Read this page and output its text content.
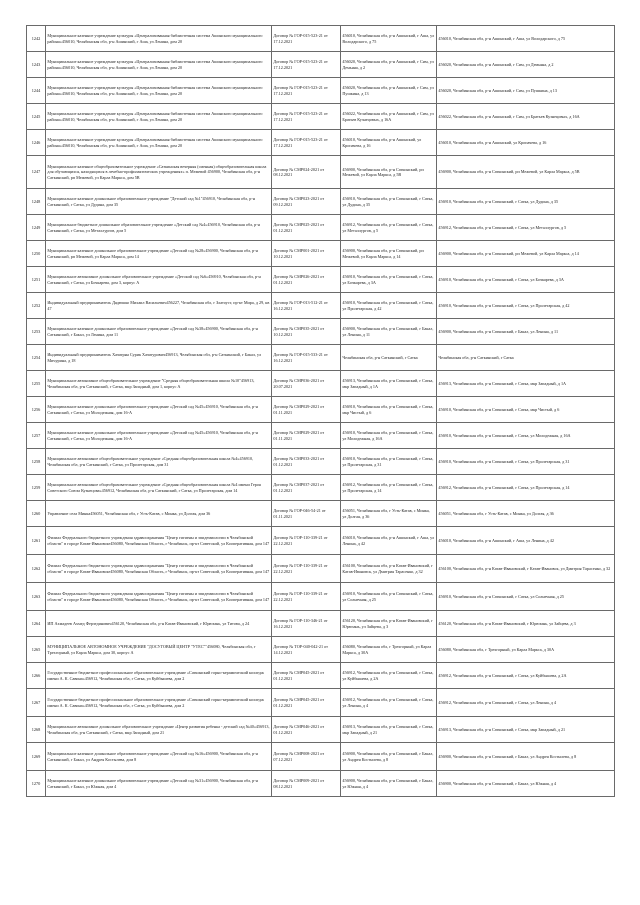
1242	Муниципальное казенное учреждение культуры «Централизованная библиотечная система Ашинского муниципального района»456010, Челябинская обл, р-н Ашинский, г Аша, ул Ленина, дом 20	Договор № ГОР-015-523-21 от 17.12.2021	456010, Челябинская обл, р-н Ашинский, г Аша, ул Володарского, д 75	456010, Челябинская обл, р-н Ашинский, г Аша, ул Володарского, д 75
1243	Муниципальное казенное учреждение культуры «Централизованная библиотечная система Ашинского муниципального района»456010, Челябинская обл, р-н Ашинский, г Аша, ул Ленина, дом 20	Договор № ГОР-015-523-21 от 17.12.2021	456020, Челябинская обл, р-н Ашинский, г Сим, ул Демьяна, д 2	456020, Челябинская обл, р-н Ашинский, г Сим, ул Демьяна, д 2
1244	Муниципальное казенное учреждение культуры «Централизованная библиотечная система Ашинского муниципального района»456010, Челябинская обл, р-н Ашинский, г Аша, ул Ленина, дом 20	Договор № ГОР-015-523-21 от 17.12.2021	456020, Челябинская обл, р-н Ашинский, г Сим, ул Пушкина, д 13	456020, Челябинская обл, р-н Ашинский, г Сим, ул Пушкина, д 13
1245	Муниципальное казенное учреждение культуры «Централизованная библиотечная система Ашинского муниципального района»456010, Челябинская обл, р-н Ашинский, г Аша, ул Ленина, дом 20	Договор № ГОР-015-523-21 от 17.12.2021	456022, Челябинская обл, р-н Ашинский, г Сим, ул Братьев Кузнецовых, д 16А	456022, Челябинская обл, р-н Ашинский, г Сим, ул Братьев Кузнецовых, д 16А
1246	Муниципальное казенное учреждение культуры «Централизованная библиотечная система Ашинского муниципального района»456010, Челябинская обл, р-н Ашинский, г Аша, ул Ленина, дом 20	Договор № ГОР-015-523-21 от 17.12.2021	456010, Челябинская обл, р-н Ашинский, ул Кропачева, д 16	456010, Челябинская обл, р-н Ашинский, ул Кропачева, д 16
1247	Муниципальное казенное общеобразовательное учреждение «Саткинская вечерняя (сменная) общеобразовательная школа для обучающихся, находящихся в лечебно-профилактических учреждениях» п. Межевой 456900, Челябинская обл, р-н Саткинский, рп Межевой, ул Карла Маркса, дом 5В	Договор № СМР024-2021 от 08.12.2021	456900, Челябинская обл, р-н Саткинский, рп Межевой, ул Карла Маркса, д 5В	456900, Челябинская обл, р-н Саткинский, рп Межевой, ул Карла Маркса, д 5В
1248	Муниципальное казенное дошкольное образовательное учреждение "Детский сад №1"456910, Челябинская обл, р-н Саткинский, г Сатка, ул Дудина, дом 35	Договор № СМР023-2021 от 09.12.2021	456910, Челябинская обл, р-н Саткинский, г Сатка, ул Дудина, д 35	456910, Челябинская обл, р-н Саткинский, г Сатка, ул Дудина, д 35
1249	Муниципальное бюджетное дошкольное образовательное учреждение «Детский сад №4»456910, Челябинская обл, р-н Саткинский, г Сатка, ул Металлургов, дом 5	Договор № СМР025-2021 от 01.12.2021	456912, Челябинская обл, р-н Саткинский, г Сатка, ул Металлургов, д 5	456912, Челябинская обл, р-н Саткинский, г Сатка, ул Металлургов, д 5
1250	Муниципальное казенное дошкольное образовательное учреждение «Детский сад №28»456900, Челябинская обл, р-н Саткинский, рп Межевой, ул Карла Маркса, дом 14	Договор № СМР001-2021 от 10.12.2021	456900, Челябинская обл, р-н Саткинский, рп Межевой, ул Карла Маркса, д 14	456900, Челябинская обл, р-н Саткинский, рп Межевой, ул Карла Маркса, д 14
1251	Муниципальное автономное дошкольное образовательное учреждение «Детский сад №6»456910, Челябинская обл, р-н Саткинский, г Сатка, ул Бочкарева, дом 3, корпус А	Договор № СМР026-2021 от 01.12.2021	456910, Челябинская обл, р-н Саткинский, г Сатка, ул Бочкарева, д 3А	456910, Челябинская обл, р-н Саткинский, г Сатка, ул Бочкарева, д 3А
1252	Индивидуальный предприниматель Дядюшко Михаил Васильевич456227, Челябинская обл, г Златоуст, пр-кт Мира, д 29, кв 47	Договор № ГОР-013-512-21 от 16.12.2021	456910, Челябинская обл, р-н Саткинский, г Сатка, ул Пролетарская, д 42	456910, Челябинская обл, р-н Саткинский, г Сатка, ул Пролетарская, д 42
1253	Муниципальное казенное дошкольное образовательное учреждение «Детский сад №38»456900, Челябинская обл, р-н Саткинский, г Бакал, ул Ленина, дом 11	Договор № СМР035-2021 от 10.12.2021	456900, Челябинская обл, р-н Саткинский, г Бакал, ул Ленина, д 11	456900, Челябинская обл, р-н Саткинский, г Бакал, ул Ленина, д 11
1254	Индивидуальный предприниматель Хачатрян Сурик Хачатурович456913, Челябинская обл, р-н Саткинский, г Бакал, ул Мичурина, д 18	Договор № ГОР-015-533-21 от 16.12.2021	Челябинская обл, р-н Саткинский, г Сатка	Челябинская обл, р-н Саткинский, г Сатка
1255	Муниципальное автономное общеобразовательное учреждение "Средняя общеобразовательная школа №10"456913, Челябинская обл, р-н Саткинский, г Сатка, мкр Западный, дом 1, корпус А	Договор № СМР036-2021 от 20.07.2021	456913, Челябинская обл, р-н Саткинский, г Сатка, мкр Западный, д 1А	456913, Челябинская обл, р-н Саткинский, г Сатка, мкр Западный, д 1А
1256	Муниципальное казенное дошкольное образовательное учреждение «Детский сад №45»456910, Челябинская обл, р-н Саткинский, г Сатка, ул Молодежная, дом 16-А	Договор № СМР029-2021 от 01.11.2021	456910, Челябинская обл, р-н Саткинский, г Сатка, мкр Чистый, д 6	456910, Челябинская обл, р-н Саткинский, г Сатка, мкр Чистый, д 6
1257	Муниципальное казенное дошкольное образовательное учреждение «Детский сад №45»456910, Челябинская обл, р-н Саткинский, г Сатка, ул Молодежная, дом 16-А	Договор № СМР029-2021 от 01.11.2021	456910, Челябинская обл, р-н Саткинский, г Сатка, ул Молодежная, д 16А	456910, Челябинская обл, р-н Саткинский, г Сатка, ул Молодежная, д 16А
1258	Муниципальное автономное общеобразовательное учреждение «Средняя общеобразовательная школа №4»456910, Челябинская обл, р-н Саткинский, г Сатка, ул Пролетарская, дом 31	Договор № СМР033-2021 от 01.12.2021	456910, Челябинская обл, р-н Саткинский, г Сатка, ул Пролетарская, д 31	456910, Челябинская обл, р-н Саткинский, г Сатка, ул Пролетарская, д 31
1259	Муниципальное автономное общеобразовательное учреждение «Средняя общеобразовательная школа №4 имени Героя Советского Союза Кузнецова»456912, Челябинская обл, р-н Саткинский, г Сатка, ул Пролетарская, дом 14	Договор № СМР037-2021 от 01.12.2021	456912, Челябинская обл, р-н Саткинский, г Сатка, ул Пролетарская, д 14	456912, Челябинская обл, р-н Саткинский, г Сатка, ул Пролетарская, д 14
1260	Управление села Минка456051, Челябинская обл, г Усть-Катав, с Минка, ул Долгая, дом 36	Договор № ГОР-046-54-21 от 01.11.2021	456051, Челябинская обл, г Усть-Катав, с Минка, ул Долгая, д 36	456051, Челябинская обл, г Усть-Катав, с Минка, ул Долгая, д 36
1261	Филиал Федерального бюджетного учреждения здравоохранения "Центр гигиены и эпидемиологии в Челябинской области" в городе Катав-Ивановске456080, Челябинская Область, г Челябинск, пр-кт Советский, ул Кооперативная, дом 147	Договор № ГОР-110-339-21 от 22.12.2021	456010, Челябинская обл, р-н Ашинский, г Аша, ул Ленина, д 42	456010, Челябинская обл, р-н Ашинский, г Аша, ул Ленина, д 42
1262	Филиал Федерального бюджетного учреждения здравоохранения "Центр гигиены и эпидемиологии в Челябинской области" в городе Катав-Ивановске456080, Челябинская Область, г Челябинск, пр-кт Советский, ул Кооперативная, дом 147	Договор № ГОР-110-339-21 от 22.12.2021	456100, Челябинская обл, р-н Катав-Ивановский, г Катав-Ивановск, ул Дмитрия Тарасенко, д 32	456100, Челябинская обл, р-н Катав-Ивановский, г Катав-Ивановск, ул Дмитрия Тарасенко, д 32
1263	Филиал Федерального бюджетного учреждения здравоохранения "Центр гигиены и эпидемиологии в Челябинской области" в городе Катав-Ивановске456080, Челябинская Область, г Челябинск, пр-кт Советский, ул Кооперативная, дом 147	Договор № ГОР-110-339-21 от 22.12.2021	456910, Челябинская обл, р-н Саткинский, г Сатка, ул Солнечная, д 25	456910, Челябинская обл, р-н Саткинский, г Сатка, ул Солнечная, д 25
1264	ИП Ахмадеев Ахмед Ферзединович456120, Челябинская обл, р-н Катав-Ивановский, г Юрюзань, ул Титова, д 24	Договор № ГОР-110-346-21 от 16.12.2021	456120, Челябинская обл, р-н Катав-Ивановский, г Юрюзань, ул Зайцева, д 3	456120, Челябинская обл, р-н Катав-Ивановский, г Юрюзань, ул Зайцева, д 3
1265	МУНИЦИПАЛЬНОЕ АВТОНОМНОЕ УЧРЕЖДЕНИЕ "ДОСУГОВЫЙ ЦЕНТР "УТЕС""456080, Челябинская обл, г Трехгорный, ул Карла Маркса, дом 30, корпус А	Договор № ТОР-040-042-21 от 14.12.2021	456080, Челябинская обл, г Трехгорный, ул Карла Маркса, д 30А	456080, Челябинская обл, г Трехгорный, ул Карла Маркса, д 30А
1266	Государственное бюджетное профессиональное образовательное учреждение «Саткинский горно-керамический колледж имени А. К. Савина»456912, Челябинская обл, г Сатка, ул Куйбышева, дом 2	Договор № СМР045-2021 от 01.12.2021	456912, Челябинская обл, р-н Саткинский, г Сатка, ул Куйбышева, д 2А	456912, Челябинская обл, р-н Саткинский, г Сатка, ул Куйбышева, д 2А
1267	Государственное бюджетное профессиональное образовательное учреждение «Саткинский горно-керамический колледж имени А. К. Савина»456912, Челябинская обл, г Сатка, ул Куйбышева, дом 2	Договор № СМР045-2021 от 01.12.2021	456912, Челябинская обл, р-н Саткинский, г Сатка, ул Ленина, д 4	456912, Челябинская обл, р-н Саткинский, г Сатка, ул Ленина, д 4
1268	Муниципальное автономное дошкольное образовательное учреждение «Центр развития ребенка - детский сад №40»456913, Челябинская обл, р-н Саткинский, г Сатка, мкр Западный, дом 21	Договор № СМР046-2021 от 01.12.2021	456913, Челябинская обл, р-н Саткинский, г Сатка, мкр Западный, д 21	456913, Челябинская обл, р-н Саткинский, г Сатка, мкр Западный, д 21
1269	Муниципальное казенное дошкольное образовательное учреждение «Детский сад №16»456900, Челябинская обл, р-н Саткинский, г Бакал, ул Андрея Костылева, дом 8	Договор № СМР008-2021 от 07.12.2021	456900, Челябинская обл, р-н Саткинский, г Бакал, ул Андрея Костылева, д 8	456900, Челябинская обл, р-н Саткинский, г Бакал, ул Андрея Костылева, д 8
1270	Муниципальное казенное дошкольное образовательное учреждение «Детский сад №31»456900, Челябинская обл, р-н Саткинский, г Бакал, ул Южная, дом 4	Договор № СМР009-2021 от 08.12.2021	456900, Челябинская обл, р-н Саткинский, г Бакал, ул Южная, д 4	456900, Челябинская обл, р-н Саткинский, г Бакал, ул Южная, д 4
